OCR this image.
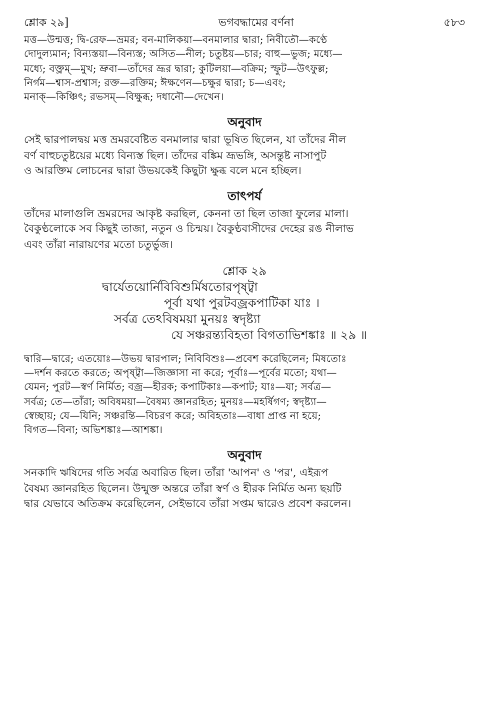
শ্লোক ২৯]	ভগবদ্ধামের বর্ণনা	৫৮৩

মত্ত—উন্মত্ত; দ্বি-রেফ—ভ্রমর; বন-মালিকয়া—বনমালার দ্বারা; নিবীতৌ—কণ্ঠে
দোদুল্যমান; বিন্যস্তয়া—বিন্যস্ত; অসিত—নীল; চতুষ্টয়—চার; বাহু—ভুজ; মধ্যে—
মধ্যে; বক্ত্রম্—মুখ; ভ্রুবা—তাঁদের ভ্রূর দ্বারা; কুটিলয়া—বক্রিম; স্ফুট—উৎফুল্ল;
নির্গম—শ্বাস-প্রশ্বাস; রক্ত—রক্তিম; ঈক্ষণেন—চক্ষুর দ্বারা; চ—এবং;
মনাক্—কিঞ্চিৎ; রভসম্—বিক্ষুব্ধ; দধানৌ—দেখেন।

অনুবাদ

সেই দ্বারপালদ্বয় মত্ত ভ্রমরবেষ্টিত বনমালার দ্বারা ভূষিত ছিলেন, যা তাঁদের নীল
বর্ণ বাহুচতুষ্টয়ের মধ্যে বিন্যস্ত ছিল। তাঁদের বঙ্কিম ভ্রূভঙ্গি, অসন্তুষ্ট নাসাপুট
ও আরক্তিম লোচনের দ্বারা উভয়কেই কিছুটা ক্ষুব্ধ বলে মনে হচ্ছিল।

তাৎপর্য

তাঁদের মালাগুলি ভ্রমরদের আকৃষ্ট করছিল, কেননা তা ছিল তাজা ফুলের মালা।
বৈকুণ্ঠলোকে সব কিছুই তাজা, নতুন ও চিন্ময়। বৈকুণ্ঠবাসীদের দেহের রঙ নীলাভ
এবং তাঁরা নারায়ণের মতো চতুর্ভুজ।

শ্লোক ২৯
দ্বার্যেতয়োর্নিবিবিশুর্মিষতোরপৃষ্ট্বা
পূর্বা যথা পুরটবজ্রকপাটিকা যাঃ ।
সর্বত্র তেঽবিষময়া মুনয়ঃ স্বদৃষ্ট্যা
যে সঞ্চরন্ত্যবিহতা বিগতাভিশঙ্কাঃ ॥ ২৯ ॥

দ্বারি—দ্বারে; এতয়োঃ—উভয় দ্বারপাল; নিবিবিশুঃ—প্রবেশ করেছিলেন; মিষতোঃ
—দর্শন করতে করতে; অপৃষ্ট্বা—জিজ্ঞাসা না করে; পূর্বাঃ—পূর্বের মতো; যথা—
যেমন; পুরট—স্বর্ণ নির্মিত; বজ্র—হীরক; কপাটিকাঃ—কপাট; যাঃ—যা; সর্বত্র—
সর্বত্র; তে—তাঁরা; অবিষময়া—বৈষম্য জ্ঞানরহিত; মুনয়ঃ—মহর্ষিগণ; স্বদৃষ্ট্যা—
স্বেচ্ছায়; যে—যিনি; সঞ্চরন্তি—বিচরণ করে; অবিহতাঃ—বাধা প্রাপ্ত না হয়ে;
বিগত—বিনা; অভিশঙ্কাঃ—আশঙ্কা।

অনুবাদ

সনকাদি ঋষিদের গতি সর্বত্র অবারিত ছিল। তাঁরা 'আপন' ও 'পর', এইরূপ
বৈষম্য জ্ঞানরহিত ছিলেন। উন্মুক্ত অন্তরে তাঁরা স্বর্ণ ও হীরক নির্মিত অন্য ছয়টি
দ্বার যেভাবে অতিক্রম করেছিলেন, সেইভাবে তাঁরা সপ্তম দ্বারেও প্রবেশ করলেন।
